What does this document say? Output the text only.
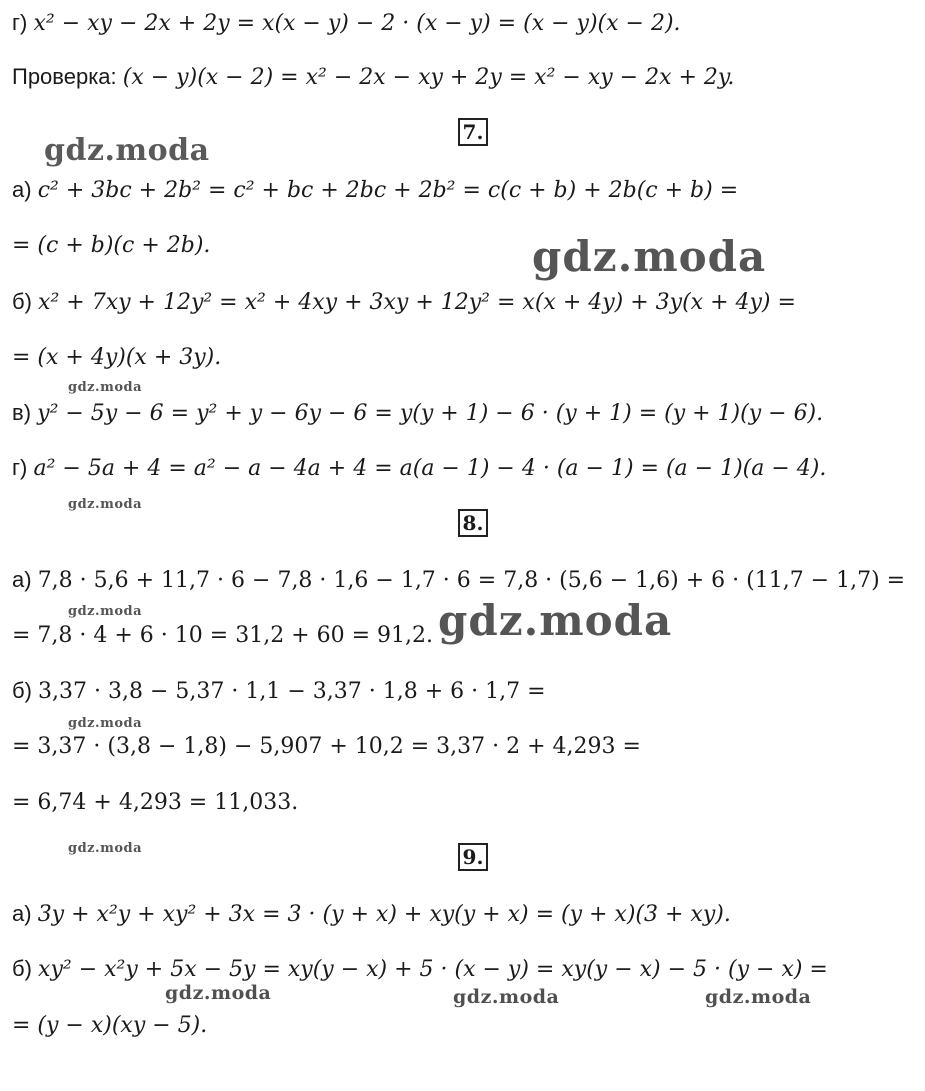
г) x² − xy − 2x + 2y = x(x − y) − 2 · (x − y) = (x − y)(x − 2).
Проверка: (x − y)(x − 2) = x² − 2x − xy + 2y = x² − xy − 2x + 2y.
7.
а) c² + 3bc + 2b² = c² + bc + 2bc + 2b² = c(c + b) + 2b(c + b) =
= (c + b)(c + 2b).
б) x² + 7xy + 12y² = x² + 4xy + 3xy + 12y² = x(x + 4y) + 3y(x + 4y) =
= (x + 4y)(x + 3y).
в) y² − 5y − 6 = y² + y − 6y − 6 = y(y + 1) − 6 · (y + 1) = (y + 1)(y − 6).
г) a² − 5a + 4 = a² − a − 4a + 4 = a(a − 1) − 4 · (a − 1) = (a − 1)(a − 4).
8.
а) 7,8 · 5,6 + 11,7 · 6 − 7,8 · 1,6 − 1,7 · 6 = 7,8 · (5,6 − 1,6) + 6 · (11,7 − 1,7) =
= 7,8 · 4 + 6 · 10 = 31,2 + 60 = 91,2.
б) 3,37 · 3,8 − 5,37 · 1,1 − 3,37 · 1,8 + 6 · 1,7 =
= 3,37 · (3,8 − 1,8) − 5,907 + 10,2 = 3,37 · 2 + 4,293 =
= 6,74 + 4,293 = 11,033.
9.
а) 3y + x²y + xy² + 3x = 3 · (y + x) + xy(y + x) = (y + x)(3 + xy).
б) xy² − x²y + 5x − 5y = xy(y − x) + 5 · (x − y) = xy(y − x) − 5 · (y − x) =
= (y − x)(xy − 5).
gdz.moda
gdz.moda
gdz.moda
gdz.moda
gdz.moda	gdz.moda
gdz.moda
gdz.moda
gdz.moda	gdz.moda	gdz.moda
